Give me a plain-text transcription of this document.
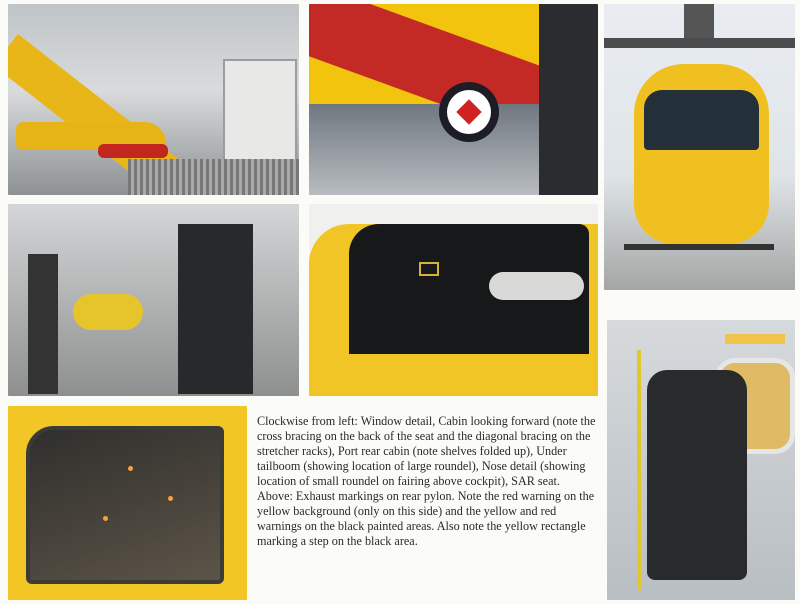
Clockwise from left: Window detail, Cabin looking forward (note the cross bracing on the back of the seat and the diagonal bracing on the stretcher racks), Port rear cabin (note shelves folded up), Under tailboom (showing location of large roundel), Nose detail (showing location of small roundel on fairing above cockpit), SAR seat.

Above: Exhaust markings on rear pylon. Note the red warning on the yellow background (only on this side) and the yellow and red warnings on the black painted areas. Also note the yellow rectangle marking a step on the black area.
